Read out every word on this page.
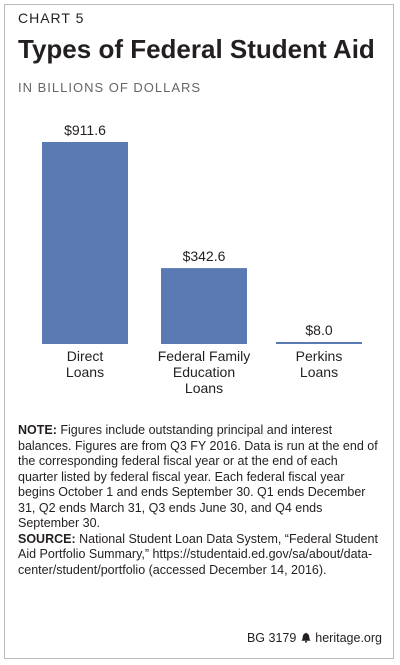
CHART 5
Types of Federal Student Aid
IN BILLIONS OF DOLLARS
$911.6
Direct
Loans
$342.6
Federal Family
Education
Loans
$8.0
Perkins
Loans

NOTE: Figures include outstanding principal and interest balances. Figures are from Q3 FY 2016. Data is run at the end of the corresponding federal fiscal year or at the end of each quarter listed by federal fiscal year. Each federal fiscal year begins October 1 and ends September 30. Q1 ends December 31, Q2 ends March 31, Q3 ends June 30, and Q4 ends September 30.

SOURCE: National Student Loan Data System, “Federal Student Aid Portfolio Summary,” https://studentaid.ed.gov/sa/about/data-center/student/portfolio (accessed December 14, 2016).

BG 3179 heritage.org
